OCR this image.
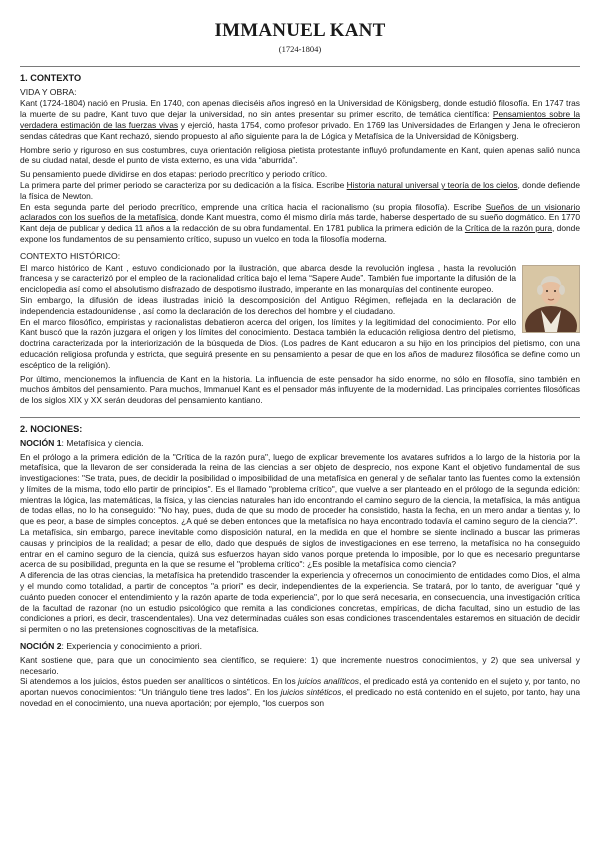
IMMANUEL KANT
(1724-1804)
1. CONTEXTO
VIDA Y OBRA:

Kant (1724-1804) nació en Prusia. En 1740, con apenas dieciséis años ingresó en la Universidad de Königsberg, donde estudió filosofía. En 1747 tras la muerte de su padre, Kant tuvo que dejar la universidad, no sin antes presentar su primer escrito, de temática científica: Pensamientos sobre la verdadera estimación de las fuerzas vivas y ejerció, hasta 1754, como profesor privado. En 1769 las Universidades de Erlangen y Jena le ofrecieron sendas cátedras que Kant rechazó, siendo propuesto al año siguiente para la de Lógica y Metafísica de la Universidad de Königsberg.

Hombre serio y riguroso en sus costumbres, cuya orientación religiosa pietista protestante influyó profundamente en Kant, quien apenas salió nunca de su ciudad natal, desde el punto de vista externo, es una vida “aburrida”.

Su pensamiento puede dividirse en dos etapas: periodo precrítico y periodo crítico.

La primera parte del primer periodo se caracteriza por su dedicación a la física. Escribe Historia natural universal y teoría de los cielos, donde defiende la física de Newton.

En esta segunda parte del periodo precrítico, emprende una crítica hacia el racionalismo (su propia filosofía). Escribe Sueños de un visionario aclarados con los sueños de la metafísica, donde Kant muestra, como él mismo diría más tarde, haberse despertado de su sueño dogmático. En 1770 Kant deja de publicar y dedica 11 años a la redacción de su obra fundamental. En 1781 publica la primera edición de la Crítica de la razón pura, donde expone los fundamentos de su pensamiento crítico, supuso un vuelco en toda la filosofía moderna.

CONTEXTO HISTÓRICO:

El marco histórico de Kant , estuvo condicionado por la ilustración, que abarca desde la revolución inglesa , hasta la revolución francesa y se caracterizó por el empleo de la racionalidad crítica bajo el lema “Sapere Aude”. También fue importante la difusión de la enciclopedia así como el absolutismo disfrazado de despotismo ilustrado, imperante en las monarquías del continente europeo.

Sin embargo, la difusión de ideas ilustradas inició la descomposición del Antiguo Régimen, reflejada en la declaración de independencia estadounidense , así como la declaración de los derechos del hombre y el ciudadano.

En el marco filosófico, empiristas y racionalistas debatieron acerca del origen, los límites y la legitimidad del conocimiento. Por ello Kant buscó que la razón juzgara el origen y los límites del conocimiento. Destaca también la educación religiosa dentro del pietismo, doctrina caracterizada por la interiorización de la búsqueda de Dios. (Los padres de Kant educaron a su hijo en los principios del pietismo, con una educación religiosa profunda y estricta, que seguirá presente en su pensamiento a pesar de que en los años de madurez filosófica se define como un escéptico de la religión).

Por último, mencionemos la influencia de Kant en la historia. La influencia de este pensador ha sido enorme, no sólo en filosofía, sino también en muchos ámbitos del pensamiento. Para muchos, Immanuel Kant es el pensador más influyente de la modernidad. Las principales corrientes filosóficas de los siglos XIX y XX serán deudoras del pensamiento kantiano.

2. NOCIONES:
NOCIÓN 1: Metafísica y ciencia.

En el prólogo a la primera edición de la "Crítica de la razón pura", luego de explicar brevemente los avatares sufridos a lo largo de la historia por la metafísica, que la llevaron de ser considerada la reina de las ciencias a ser objeto de desprecio, nos expone Kant el objetivo fundamental de sus investigaciones: "Se trata, pues, de decidir la posibilidad o imposibilidad de una metafísica en general y de señalar tanto las fuentes como la extensión y límites de la misma, todo ello partir de principios". Es el llamado "problema crítico", que vuelve a ser planteado en el prólogo de la segunda edición: mientras la lógica, las matemáticas, la física, y las ciencias naturales han ido encontrando el camino seguro de la ciencia, la metafísica, la más antigua de todas ellas, no lo ha conseguido: "No hay, pues, duda de que su modo de proceder ha consistido, hasta la fecha, en un mero andar a tientas y, lo que es peor, a base de simples conceptos. ¿A qué se deben entonces que la metafísica no haya encontrado todavía el camino seguro de la ciencia?".

La metafísica, sin embargo, parece inevitable como disposición natural, en la medida en que el hombre se siente inclinado a buscar las primeras causas y principios de la realidad; a pesar de ello, dado que después de siglos de investigaciones en ese terreno, la metafísica no ha conseguido entrar en el camino seguro de la ciencia, quizá sus esfuerzos hayan sido vanos porque pretenda lo imposible, por lo que es necesario preguntarse acerca de su posibilidad, pregunta en la que se resume el "problema crítico": ¿Es posible la metafísica como ciencia?

A diferencia de las otras ciencias, la metafísica ha pretendido trascender la experiencia y ofrecernos un conocimiento de entidades como Dios, el alma y el mundo como totalidad, a partir de conceptos "a priori" es decir, independientes de la experiencia. Se tratará, por lo tanto, de averiguar "qué y cuánto pueden conocer el entendimiento y la razón aparte de toda experiencia", por lo que será necesaria, en consecuencia, una investigación crítica de la facultad de razonar (no un estudio psicológico que remita a las condiciones concretas, empíricas, de dicha facultad, sino un estudio de las condiciones a priori, es decir, trascendentales). Una vez determinadas cuáles son esas condiciones trascendentales estaremos en situación de decidir si permiten o no las pretensiones cognoscitivas de la metafísica.

NOCIÓN 2: Experiencia y conocimiento a priori.

Kant sostiene que, para que un conocimiento sea científico, se requiere: 1) que incremente nuestros conocimientos, y 2) que sea universal y necesario.

Si atendemos a los juicios, éstos pueden ser analíticos o sintéticos. En los juicios analíticos, el predicado está ya contenido en el sujeto y, por tanto, no aportan nuevos conocimientos: “Un triángulo tiene tres lados”. En los juicios sintéticos, el predicado no está contenido en el sujeto, por tanto, hay una novedad en el conocimiento, una nueva aportación; por ejemplo, “los cuerpos son
